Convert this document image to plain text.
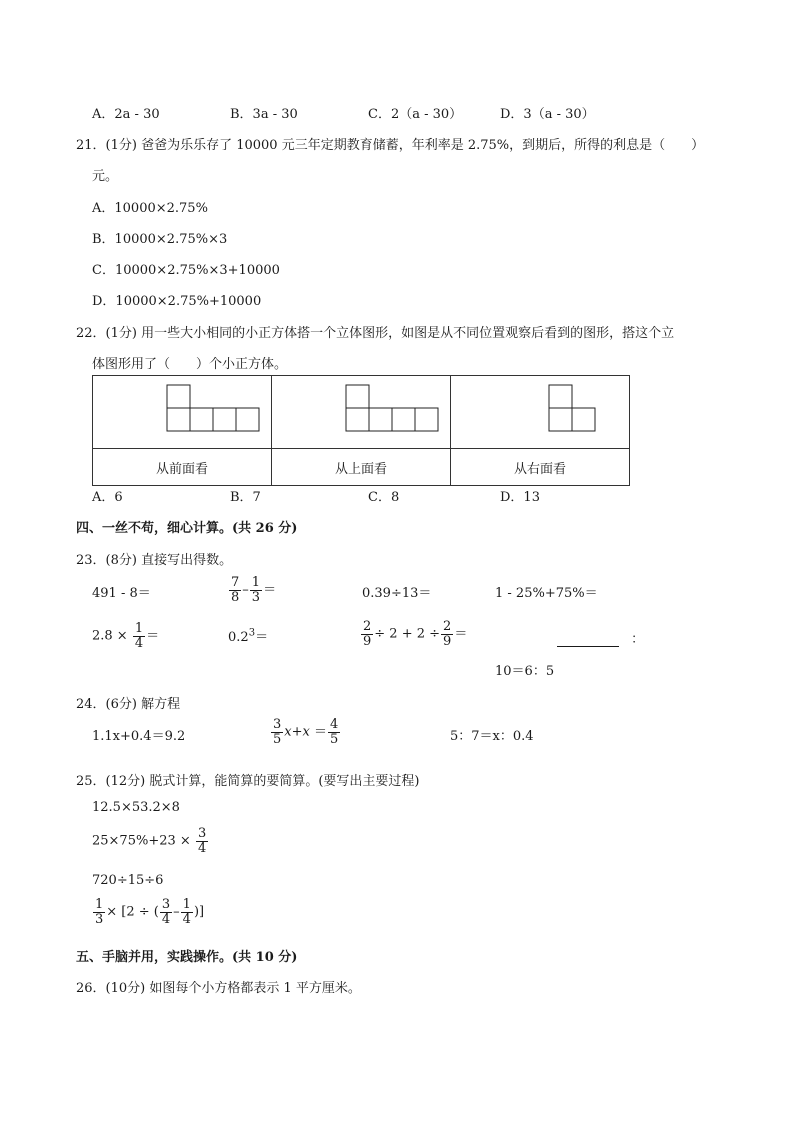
A．2a - 30	B．3a - 30	C．2（a - 30）	D．3（a - 30）
21．(1分) 爸爸为乐乐存了 10000 元三年定期教育储蓄，年利率是 2.75%，到期后，所得的利息是（　　）
元。
A．10000×2.75%
B．10000×2.75%×3
C．10000×2.75%×3+10000
D．10000×2.75%+10000
22．(1分) 用一些大小相同的小正方体搭一个立体图形，如图是从不同位置观察后看到的图形，搭这个立
体图形用了（　　）个小正方体。

从前面看	从上面看	从右面看
A．6	B．7	C．8	D．13
四、一丝不苟，细心计算。(共 26 分)
23．(8分) 直接写出得数。
491 - 8＝	$\frac{7}{8} - \frac{1}{3}$ ＝	0.39÷13＝	1 - 25%+75%＝
$2.8 \times \frac{1}{4}$ ＝	$0.2^3=$	$\frac{2}{9} \div 2 + 2 \div \frac{2}{9}$ ＝	：
10＝6：5
24．(6分) 解方程
1.1x+0.4＝9.2	$\frac{3}{5} x+x = \frac{4}{5}$	5：7＝x：0.4
25．(12分) 脱式计算，能简算的要简算。(要写出主要过程)
12.5×53.2×8
$25\times 75\%+23 \times \frac{3}{4}$
720÷15÷6
$\frac{1}{3} \times [2$ ÷ ( $\frac{3}{4} - \frac{1}{4}$ )]
五、手脑并用，实践操作。(共 10 分)
26．(10分) 如图每个小方格都表示 1 平方厘米。
